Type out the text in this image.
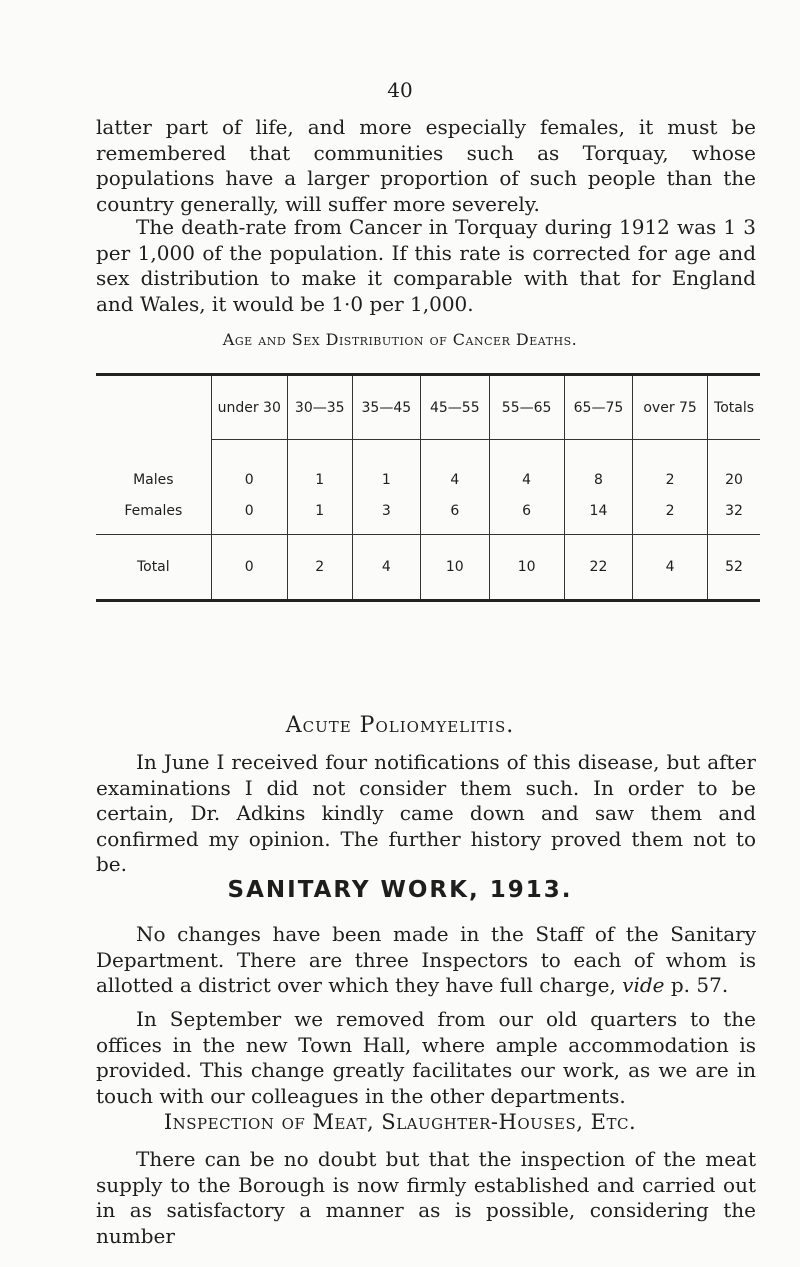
40

latter part of life, and more especially females, it must be remembered that communities such as Torquay, whose populations have a larger proportion of such people than the country generally, will suffer more severely.

The death-rate from Cancer in Torquay during 1912 was 1 3 per 1,000 of the population. If this rate is corrected for age and sex distribution to make it comparable with that for England and Wales, it would be 1·0 per 1,000.

Age and Sex Distribution of Cancer Deaths.

	under 30	30—35	35—45	45—55	55—65	65—75	over 75	Totals
Males	0	1	1	4	4	8	2	20
Females	0	1	3	6	6	14	2	32
Total	0	2	4	10	10	22	4	52

Acute Poliomyelitis.

In June I received four notifications of this disease, but after examinations I did not consider them such. In order to be certain, Dr. Adkins kindly came down and saw them and confirmed my opinion. The further history proved them not to be.

SANITARY WORK, 1913.

No changes have been made in the Staff of the Sanitary Department. There are three Inspectors to each of whom is allotted a district over which they have full charge, vide p. 57.

In September we removed from our old quarters to the offices in the new Town Hall, where ample accommodation is provided. This change greatly facilitates our work, as we are in touch with our colleagues in the other departments.

Inspection of Meat, Slaughter-Houses, Etc.

There can be no doubt but that the inspection of the meat supply to the Borough is now firmly established and carried out in as satisfactory a manner as is possible, considering the number
